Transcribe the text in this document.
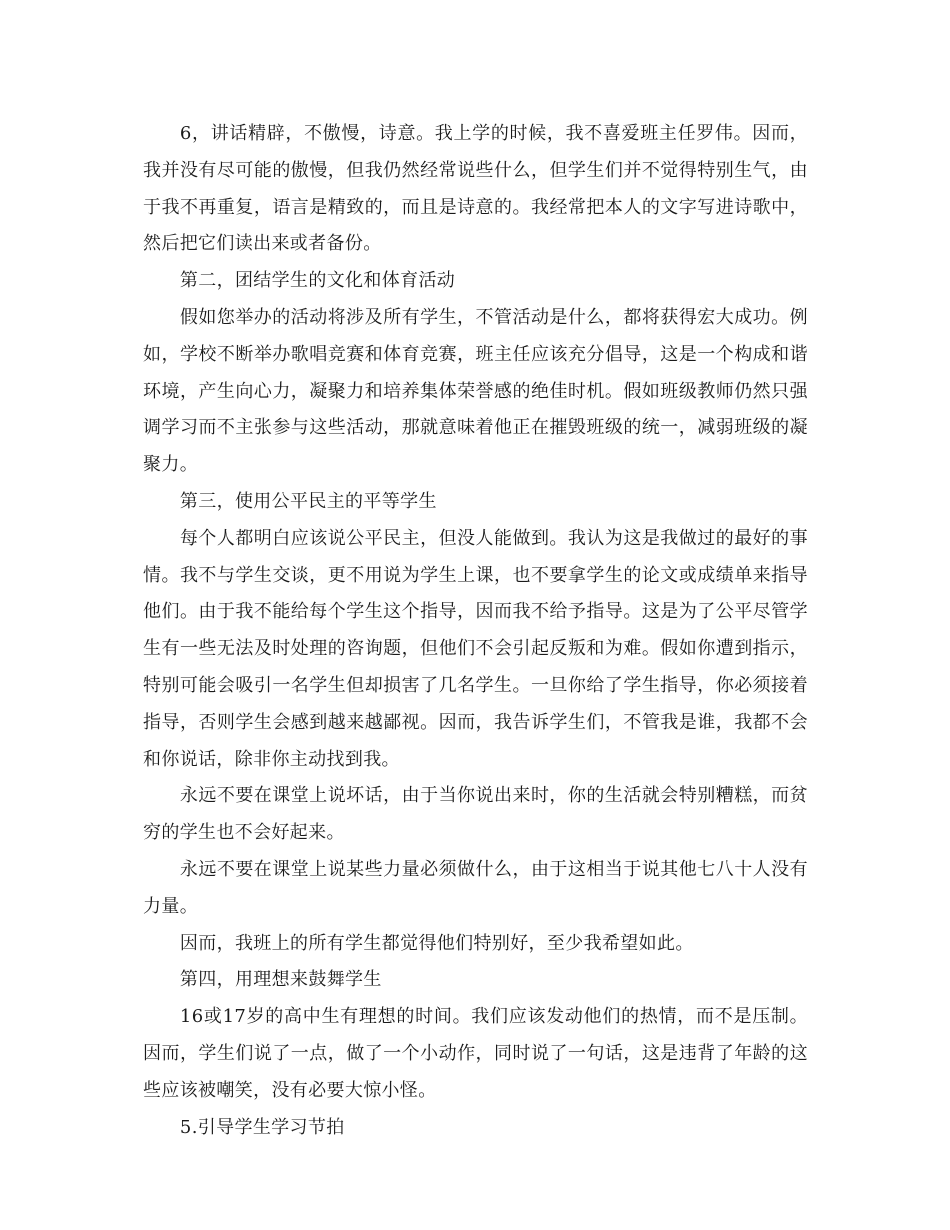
6，讲话精辟，不傲慢，诗意。我上学的时候，我不喜爱班主任罗伟。因而，我并没有尽可能的傲慢，但我仍然经常说些什么，但学生们并不觉得特别生气，由于我不再重复，语言是精致的，而且是诗意的。我经常把本人的文字写进诗歌中，然后把它们读出来或者备份。

第二，团结学生的文化和体育活动

假如您举办的活动将涉及所有学生，不管活动是什么，都将获得宏大成功。例如，学校不断举办歌唱竞赛和体育竞赛，班主任应该充分倡导，这是一个构成和谐环境，产生向心力，凝聚力和培养集体荣誉感的绝佳时机。假如班级教师仍然只强调学习而不主张参与这些活动，那就意味着他正在摧毁班级的统一，减弱班级的凝聚力。

第三，使用公平民主的平等学生

每个人都明白应该说公平民主，但没人能做到。我认为这是我做过的最好的事情。我不与学生交谈，更不用说为学生上课，也不要拿学生的论文或成绩单来指导他们。由于我不能给每个学生这个指导，因而我不给予指导。这是为了公平尽管学生有一些无法及时处理的咨询题，但他们不会引起反叛和为难。假如你遭到指示，特别可能会吸引一名学生但却损害了几名学生。一旦你给了学生指导，你必须接着指导，否则学生会感到越来越鄙视。因而，我告诉学生们，不管我是谁，我都不会和你说话，除非你主动找到我。

永远不要在课堂上说坏话，由于当你说出来时，你的生活就会特别糟糕，而贫穷的学生也不会好起来。

永远不要在课堂上说某些力量必须做什么，由于这相当于说其他七八十人没有力量。

因而，我班上的所有学生都觉得他们特别好，至少我希望如此。

第四，用理想来鼓舞学生

16或17岁的高中生有理想的时间。我们应该发动他们的热情，而不是压制。因而，学生们说了一点，做了一个小动作，同时说了一句话，这是违背了年龄的这些应该被嘲笑，没有必要大惊小怪。

5.引导学生学习节拍
